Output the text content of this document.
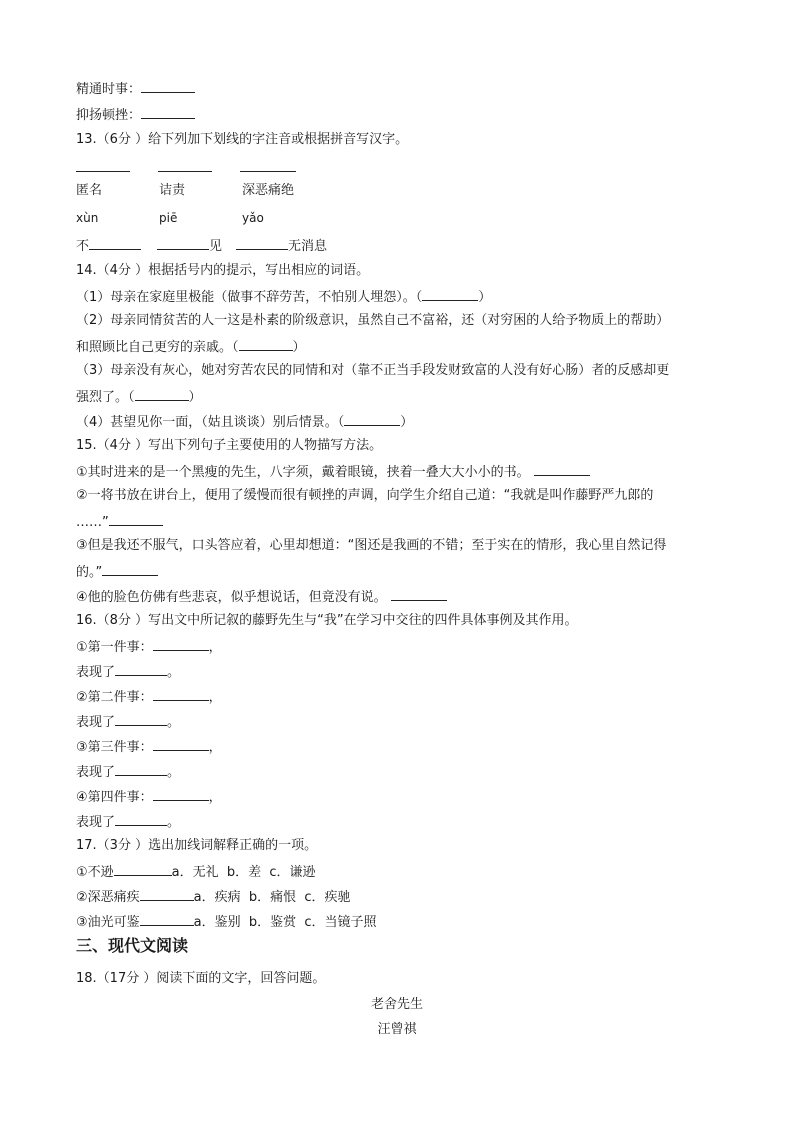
精通时事：
抑扬顿挫：
13.（6分 ）给下列加下划线的字注音或根据拼音写汉字。
匿名	诘责	深恶痛绝
xùn	piē	yǎo
不	见	无消息
14.（4分 ）根据括号内的提示，写出相应的词语。
（1）母亲在家庭里极能（做事不辞劳苦，不怕别人埋怨）。（	）
（2）母亲同情贫苦的人一这是朴素的阶级意识，虽然自己不富裕，还（对穷困的人给予物质上的帮助）
和照顾比自己更穷的亲戚。（	）
（3）母亲没有灰心，她对穷苦农民的同情和对（靠不正当手段发财致富的人没有好心肠）者的反感却更
强烈了。（	）
（4）甚望见你一面，（姑且谈谈）别后情景。（	）
15.（4分 ）写出下列句子主要使用的人物描写方法。
①其时进来的是一个黑瘦的先生，八字须，戴着眼镜，挟着一叠大大小小的书。
②一将书放在讲台上，便用了缓慢而很有顿挫的声调，向学生介绍自己道：“我就是叫作藤野严九郎的
……”
③但是我还不服气，口头答应着，心里却想道：“图还是我画的不错；至于实在的情形，我心里自然记得
的。”
④他的脸色仿佛有些悲哀，似乎想说话，但竟没有说。
16.（8分 ）写出文中所记叙的藤野先生与“我”在学习中交往的四件具体事例及其作用。
①第一件事：	，
表现了	。
②第二件事：	，
表现了	。
③第三件事：	，
表现了	。
④第四件事：	，
表现了	。
17.（3分 ）选出加线词解释正确的一项。
①不逊	a．无礼  b．差  c．谦逊
②深恶痛疾	a．疾病  b．痛恨  c．疾驰
③油光可鉴	a．鉴别  b．鉴赏  c．当镜子照
三、现代文阅读
18.（17分 ）阅读下面的文字，回答问题。
老舍先生
汪曾祺
